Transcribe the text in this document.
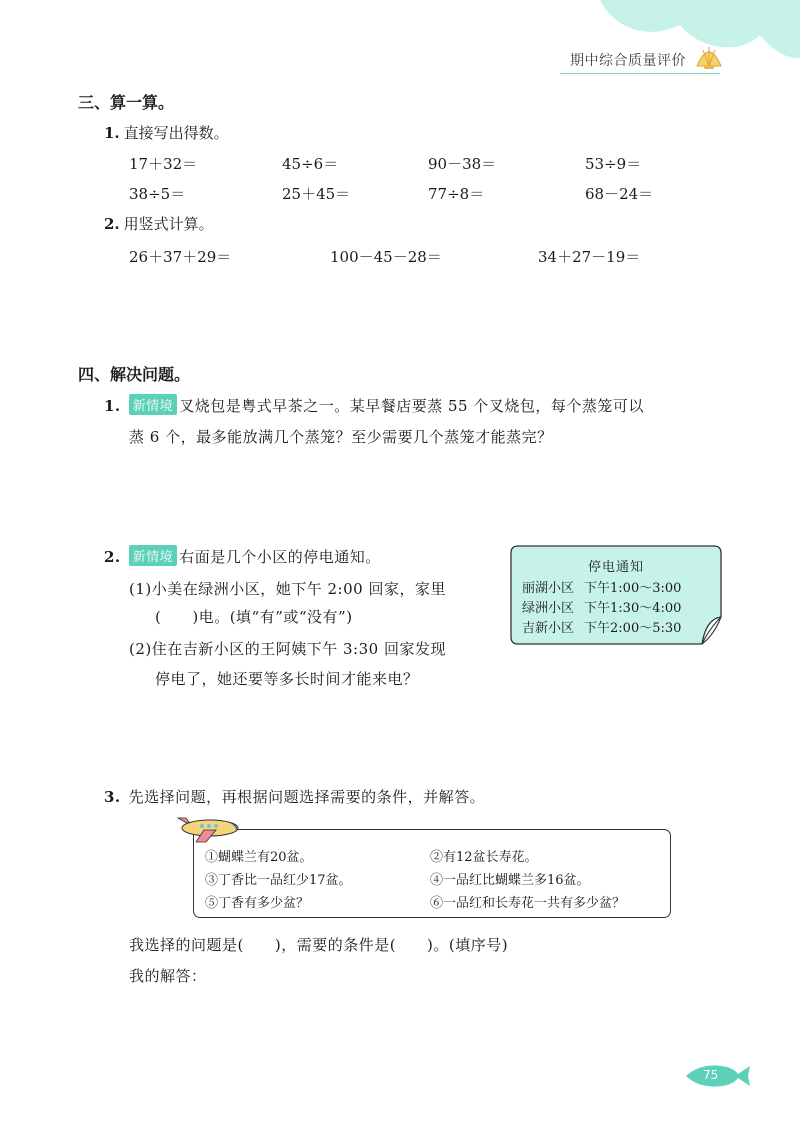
期中综合质量评价
三、算一算。
1. 直接写出得数。
17＋32＝	45÷6＝	90－38＝	53÷9＝
38÷5＝	25＋45＝	77÷8＝	68－24＝
2. 用竖式计算。
26＋37＋29＝	100－45－28＝	34＋27－19＝
四、解决问题。
1. 新情境 叉烧包是粤式早茶之一。某早餐店要蒸 55 个叉烧包，每个蒸笼可以
蒸 6 个，最多能放满几个蒸笼？至少需要几个蒸笼才能蒸完？
2. 新情境 右面是几个小区的停电通知。
(1)小美在绿洲小区，她下午 2:00 回家，家里
(　　)电。(填“有”或“没有”)
(2)住在吉新小区的王阿姨下午 3:30 回家发现
停电了，她还要等多长时间才能来电？
停电通知
丽湖小区 下午1:00～3:00
绿洲小区 下午1:30～4:00
吉新小区 下午2:00～5:30
3. 先选择问题，再根据问题选择需要的条件，并解答。
①蝴蝶兰有20盆。	②有12盆长寿花。
③丁香比一品红少17盆。	④一品红比蝴蝶兰多16盆。
⑤丁香有多少盆？	⑥一品红和长寿花一共有多少盆？
我选择的问题是(　　)，需要的条件是(　　)。(填序号)
我的解答：
75
